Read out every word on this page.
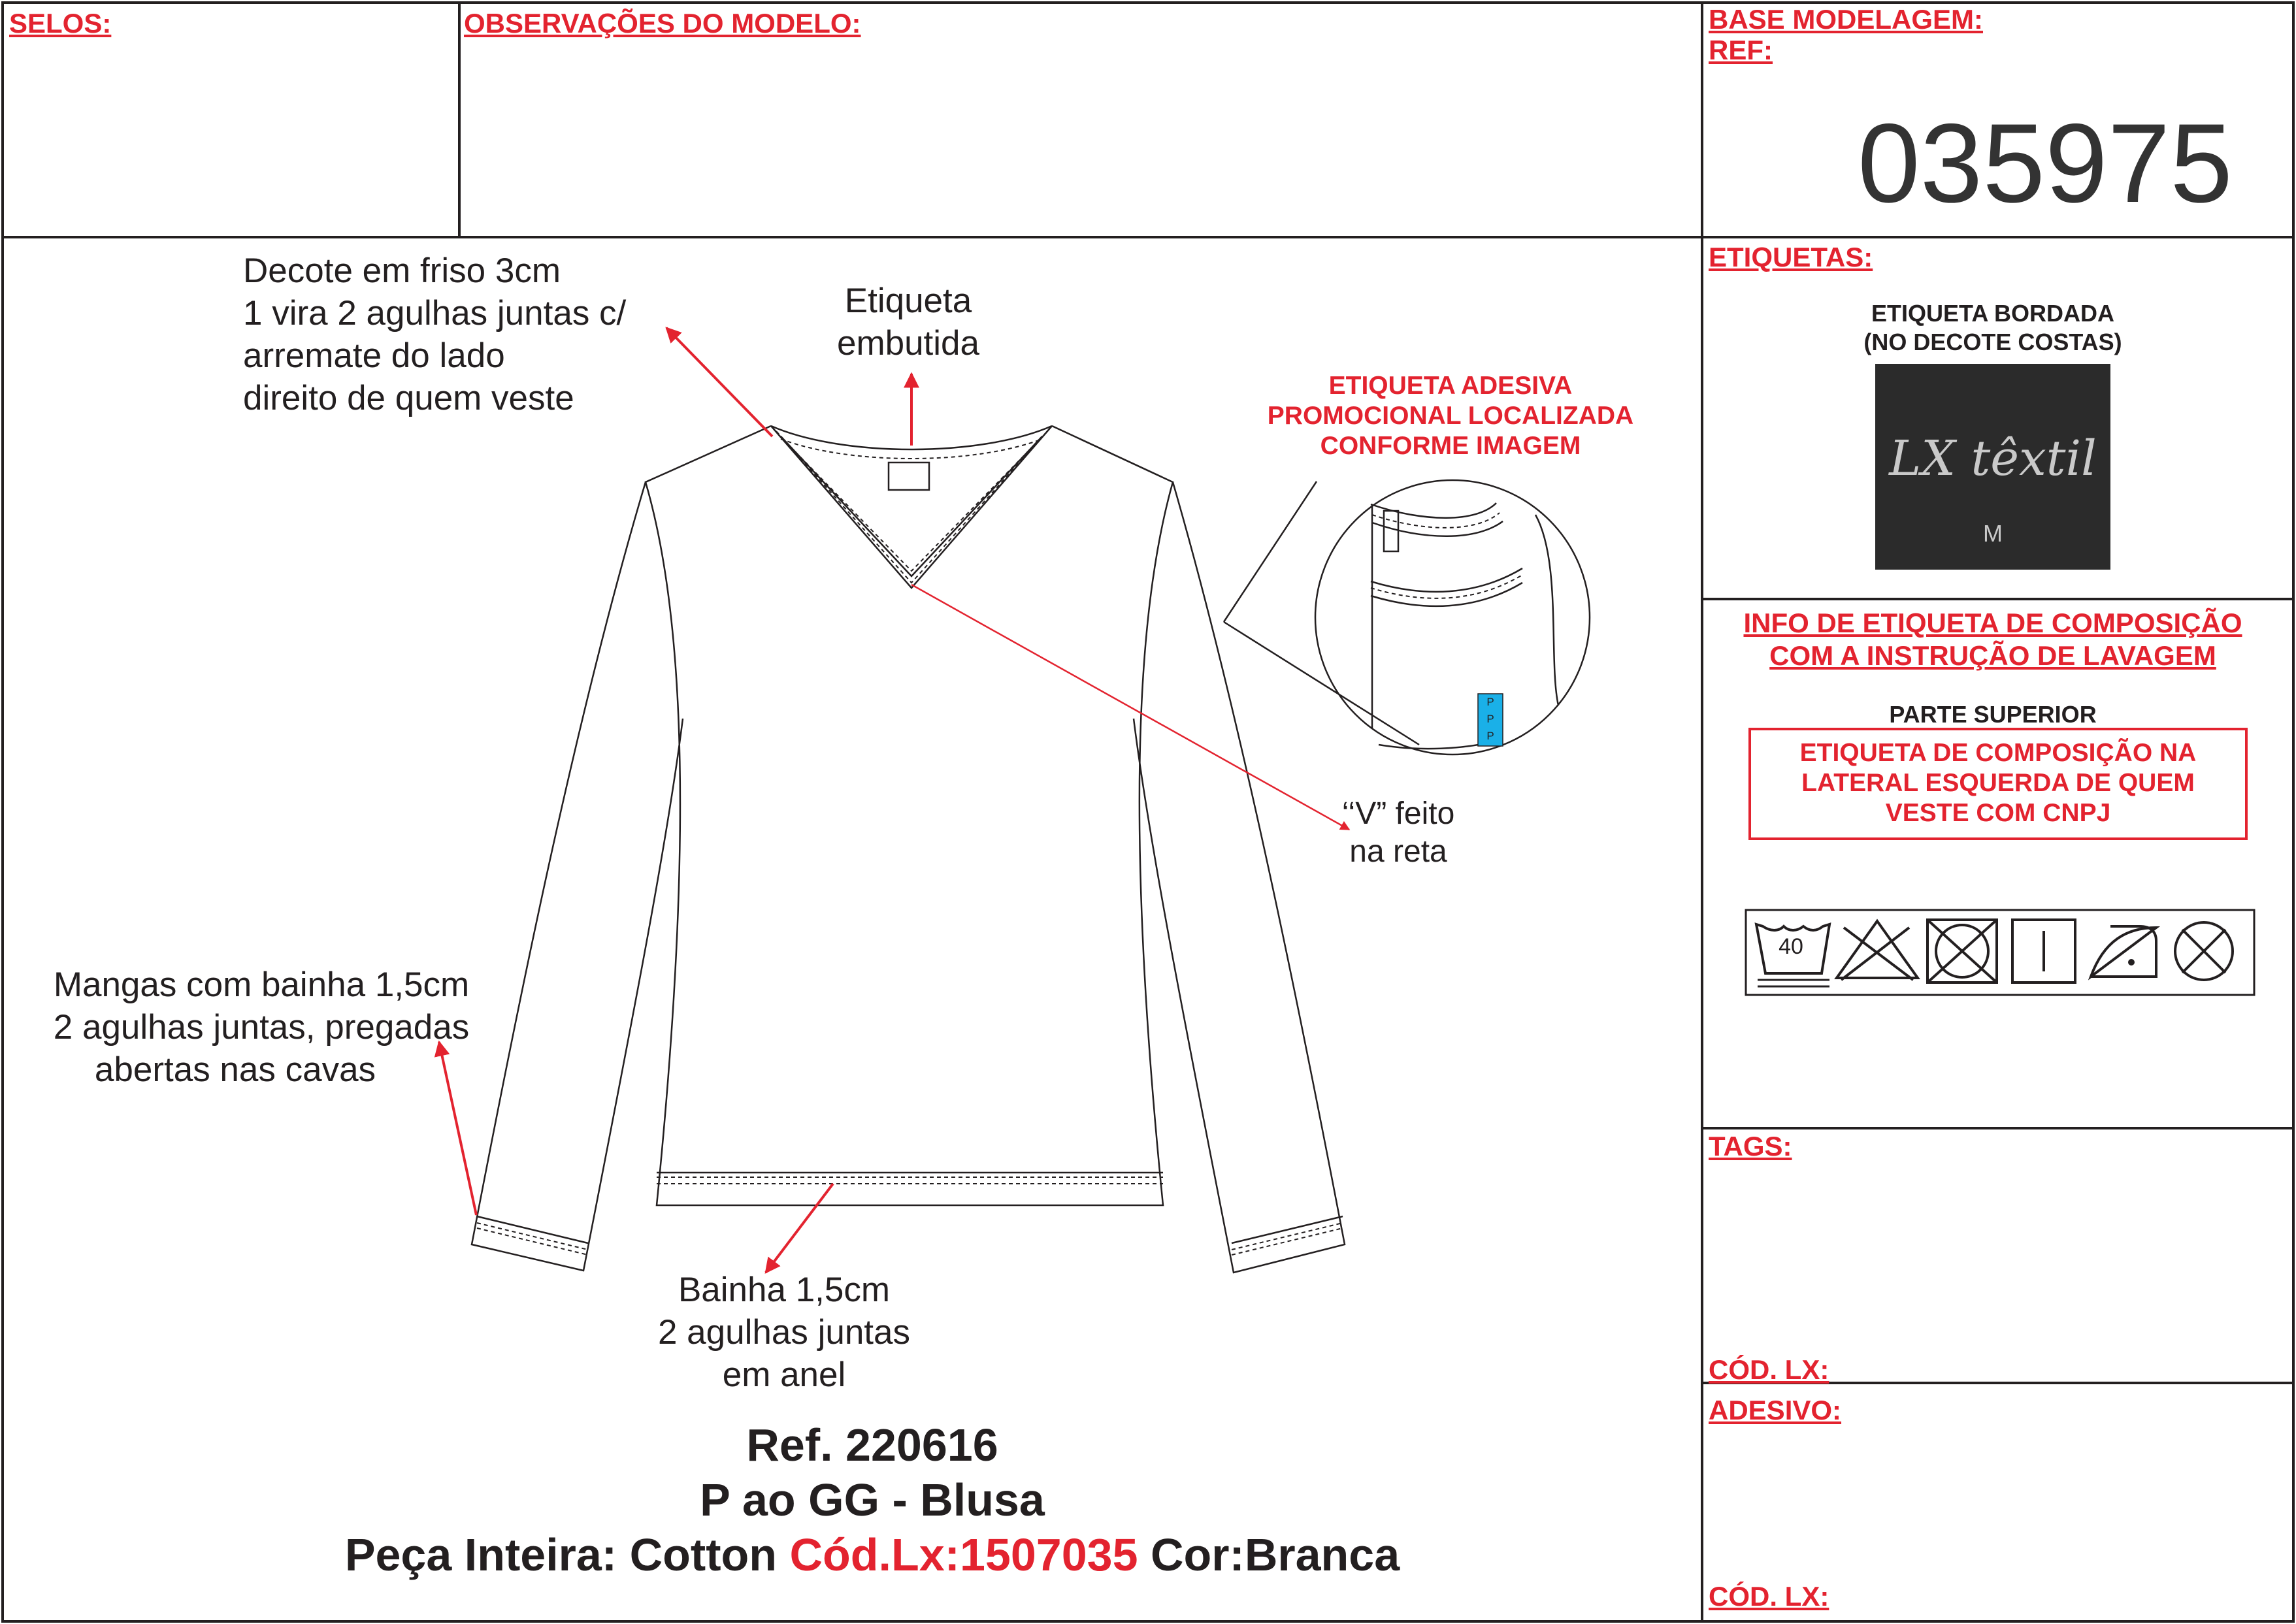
SELOS:	OBSERVAÇÕES DO MODELO:	BASE MODELAGEM:
REF:
035975
Decote em friso 3cm
1 vira 2 agulhas juntas c/
arremate do lado
direito de quem veste
Etiqueta
embutida
ETIQUETA ADESIVA
PROMOCIONAL LOCALIZADA
CONFORME IMAGEM
P
P
P
‘‘V” feito
na reta
Mangas com bainha 1,5cm
2 agulhas juntas, pregadas
abertas nas cavas
Bainha 1,5cm
2 agulhas juntas
em anel
Ref. 220616
P ao GG - Blusa
Peça Inteira: Cotton Cód.Lx:1507035 Cor:Branca
ETIQUETAS:
ETIQUETA BORDADA
(NO DECOTE COSTAS)
LX têxtil
M
INFO DE ETIQUETA DE COMPOSIÇÃO
COM A INSTRUÇÃO DE LAVAGEM
PARTE SUPERIOR
ETIQUETA DE COMPOSIÇÃO NA
LATERAL ESQUERDA DE QUEM
VESTE COM CNPJ
40
TAGS:
CÓD. LX:
ADESIVO:
CÓD. LX:
